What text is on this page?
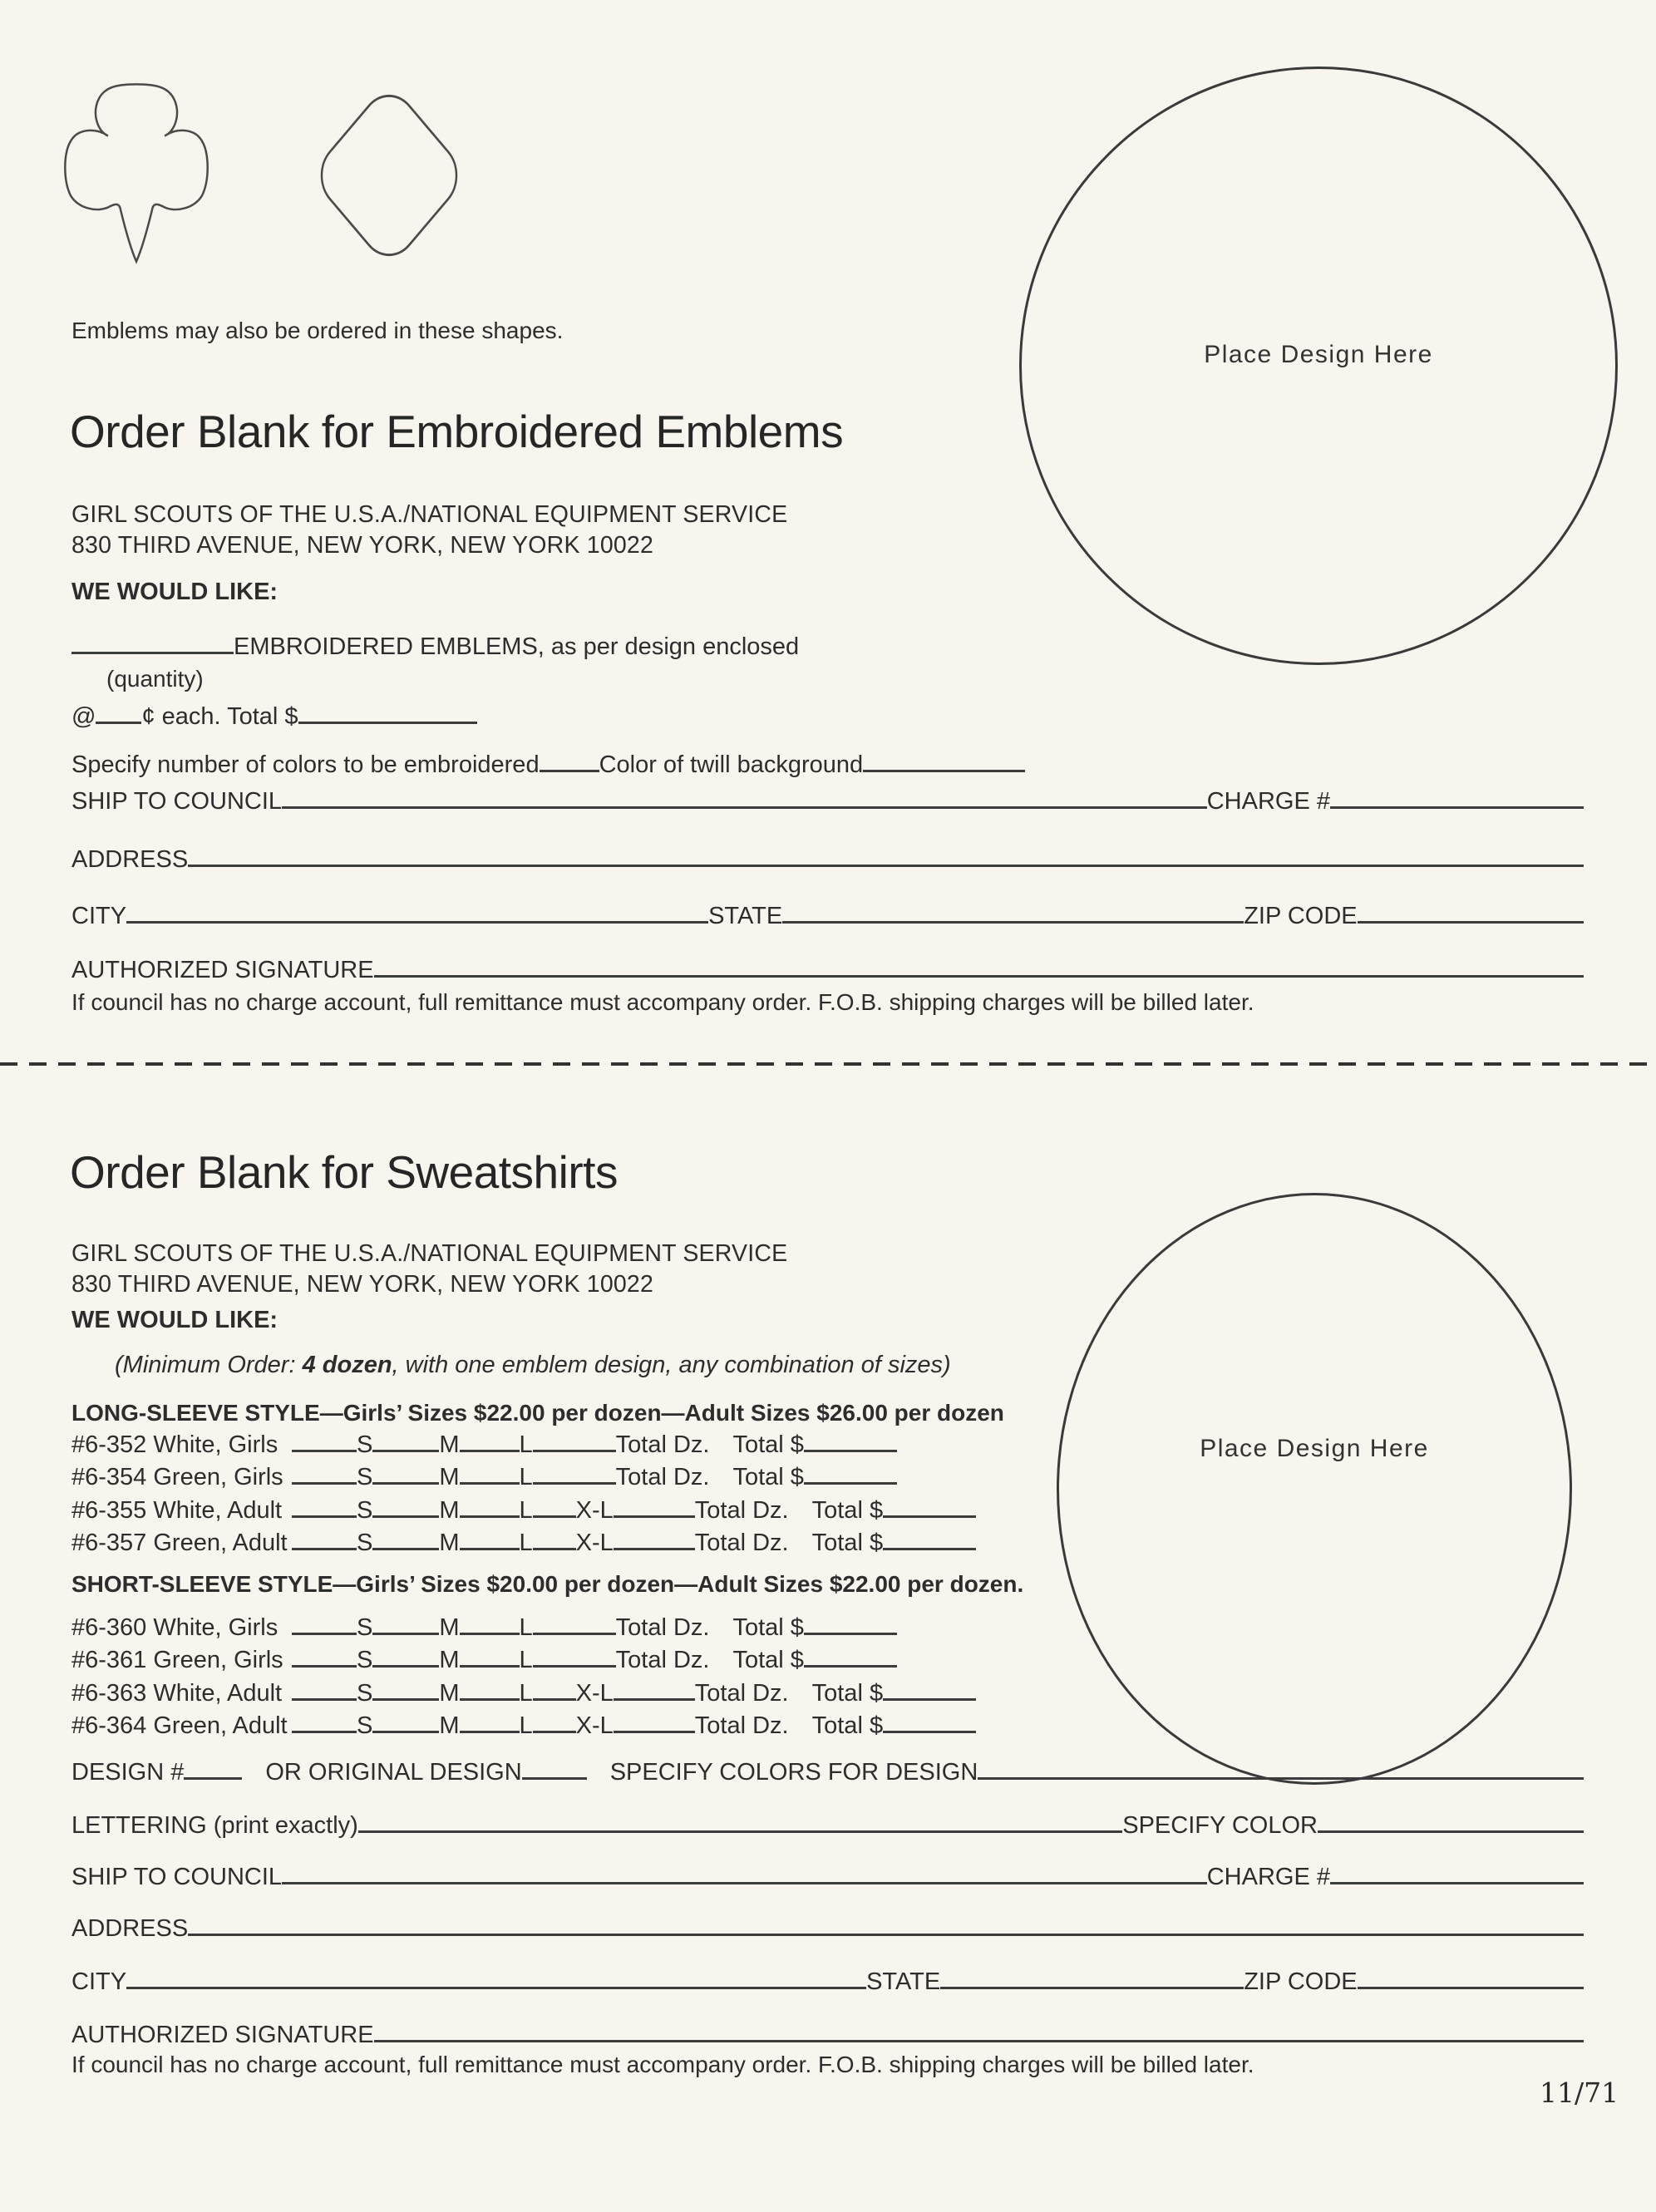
Emblems may also be ordered in these shapes.
Place Design Here
Order Blank for Embroidered Emblems
GIRL SCOUTS OF THE U.S.A./NATIONAL EQUIPMENT SERVICE
830 THIRD AVENUE, NEW YORK, NEW YORK 10022
WE WOULD LIKE:
EMBROIDERED EMBLEMS, as per design enclosed
(quantity)
@ ¢ each. Total $
Specify number of colors to be embroidered Color of twill background
SHIP TO COUNCIL	CHARGE #
ADDRESS
CITY	STATE	ZIP CODE
AUTHORIZED SIGNATURE
If council has no charge account, full remittance must accompany order. F.O.B. shipping charges will be billed later.
Order Blank for Sweatshirts
Place Design Here
GIRL SCOUTS OF THE U.S.A./NATIONAL EQUIPMENT SERVICE
830 THIRD AVENUE, NEW YORK, NEW YORK 10022
WE WOULD LIKE:
(Minimum Order: 4 dozen, with one emblem design, any combination of sizes)
LONG-SLEEVE STYLE—Girls’ Sizes $22.00 per dozen—Adult Sizes $26.00 per dozen
#6-352 White, Girls	S	M L	Total Dz. Total $
#6-354 Green, Girls	S	M L	Total Dz. Total $
#6-355 White, Adult	S	M L X-L	Total Dz. Total $
#6-357 Green, Adult	S	M L X-L	Total Dz. Total $
SHORT-SLEEVE STYLE—Girls’ Sizes $20.00 per dozen—Adult Sizes $22.00 per dozen.
#6-360 White, Girls	S	M L	Total Dz. Total $
#6-361 Green, Girls	S	M L	Total Dz. Total $
#6-363 White, Adult	S	M L X-L	Total Dz. Total $
#6-364 Green, Adult	S	M L X-L	Total Dz. Total $
DESIGN #	OR ORIGINAL DESIGN	SPECIFY COLORS FOR DESIGN
LETTERING (print exactly)	SPECIFY COLOR
SHIP TO COUNCIL	CHARGE #
ADDRESS
CITY	STATE	ZIP CODE
AUTHORIZED SIGNATURE
If council has no charge account, full remittance must accompany order. F.O.B. shipping charges will be billed later.
11/71
